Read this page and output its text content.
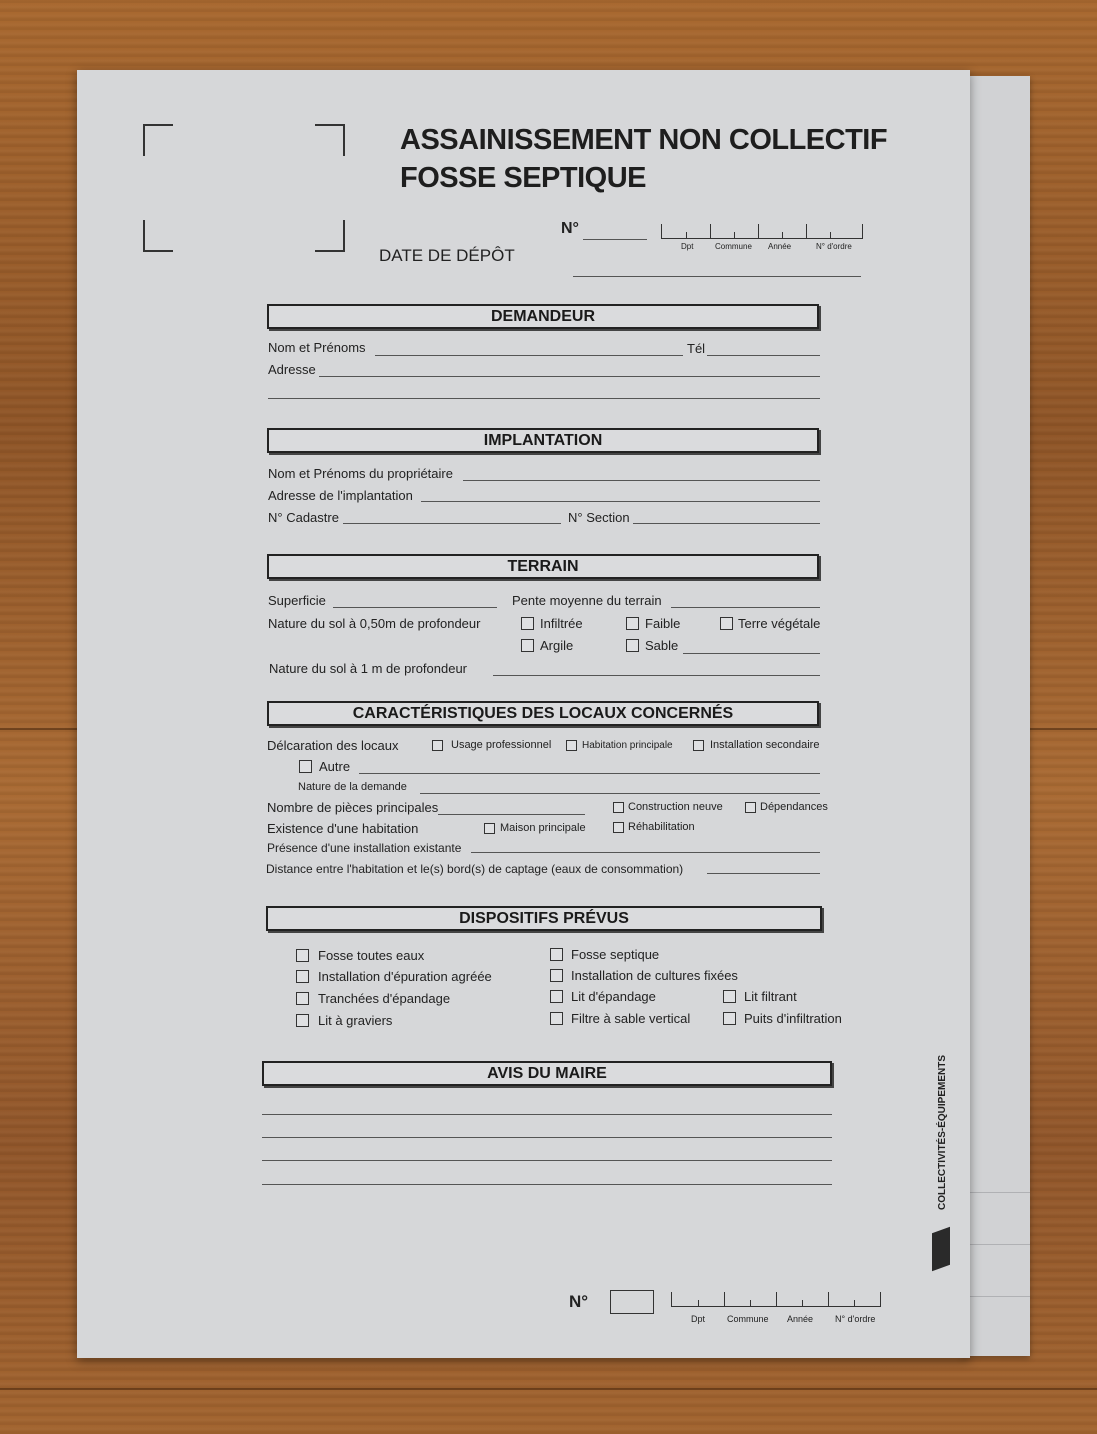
ASSAINISSEMENT NON COLLECTIF
FOSSE SEPTIQUE
DATE DE DÉPÔT
N°
Dpt	Commune Année	N° d'ordre
DEMANDEUR
Nom et Prénoms	Tél
Adresse
IMPLANTATION
Nom et Prénoms du propriétaire
Adresse de l'implantation
N° Cadastre	N° Section
TERRAIN
Superficie	Pente moyenne du terrain
Nature du sol à 0,50m de profondeur	Infiltrée	Faible	Terre végétale
Argile	Sable
Nature du sol à 1 m de profondeur
CARACTÉRISTIQUES DES LOCAUX CONCERNÉS
Délcaration des locaux	Usage professionnel	Habitation principale	Installation secondaire
Autre
Nature de la demande
Nombre de pièces principales	Construction neuve	Dépendances
Existence d'une habitation	Maison principale	Réhabilitation
Présence d'une installation existante
Distance entre l'habitation et le(s) bord(s) de captage (eaux de consommation)
DISPOSITIFS PRÉVUS
Fosse toutes eaux
Installation d'épuration agréée
Tranchées d'épandage
Lit à graviers
Fosse septique
Installation de cultures fixées
Lit d'épandage
Filtre à sable vertical
Lit filtrant
Puits d'infiltration
AVIS DU MAIRE
N°
Dpt Commune Année N° d'ordre
COLLECTIVITÉS-ÉQUIPEMENTS
